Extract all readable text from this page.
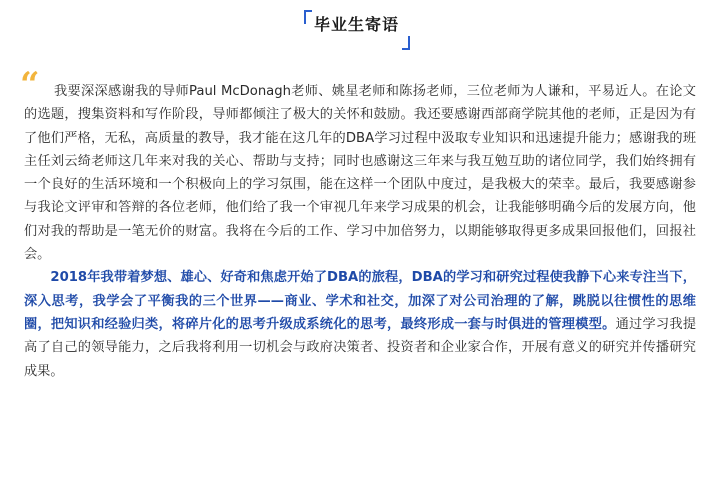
毕业生寄语
“	我要深深感谢我的导师Paul McDonagh老师、姚星老师和陈扬老师，三位老师为人谦和，平易近人。在论文的选题，搜集资料和写作阶段，导师都倾注了极大的关怀和鼓励。我还要感谢西部商学院其他的老师，正是因为有了他们严格，无私，高质量的教导，我才能在这几年的DBA学习过程中汲取专业知识和迅速提升能力；感谢我的班主任刘云绮老师这几年来对我的关心、帮助与支持；同时也感谢这三年来与我互勉互助的诸位同学，我们始终拥有一个良好的生活环境和一个积极向上的学习氛围，能在这样一个团队中度过，是我极大的荣幸。最后，我要感谢参与我论文评审和答辩的各位老师，他们给了我一个审视几年来学习成果的机会，让我能够明确今后的发展方向，他们对我的帮助是一笔无价的财富。我将在今后的工作、学习中加倍努力，以期能够取得更多成果回报他们，回报社会。

2018年我带着梦想、雄心、好奇和焦虑开始了DBA的旅程，DBA的学习和研究过程使我静下心来专注当下，深入思考，我学会了平衡我的三个世界——商业、学术和社交，加深了对公司治理的了解，跳脱以往惯性的思维圈，把知识和经验归类，将碎片化的思考升级成系统化的思考，最终形成一套与时俱进的管理模型。通过学习我提高了自己的领导能力，之后我将利用一切机会与政府决策者、投资者和企业家合作，开展有意义的研究并传播研究成果。
